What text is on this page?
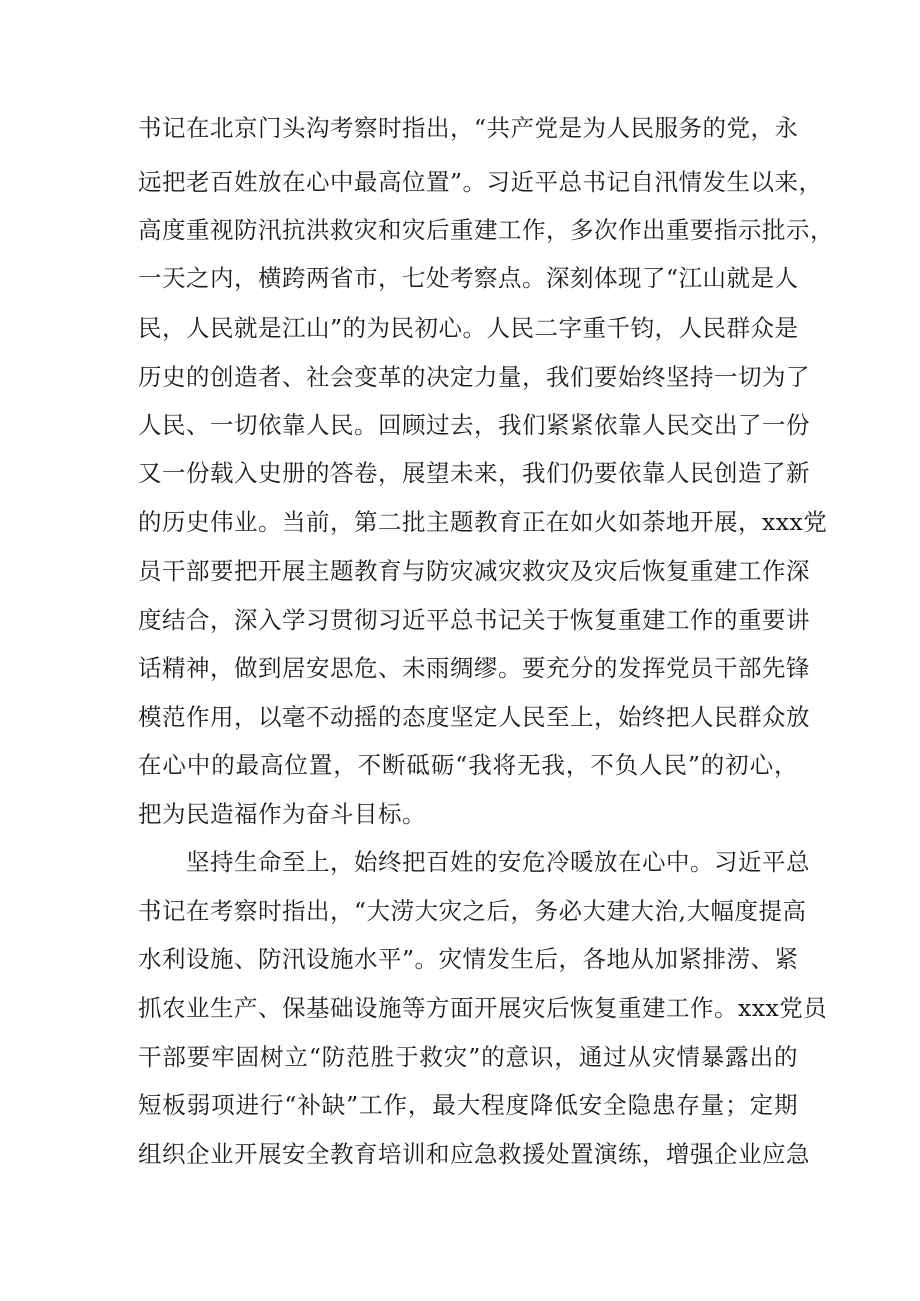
书记在北京门头沟考察时指出，“共产党是为人民服务的党，永
远把老百姓放在心中最高位置”。习近平总书记自汛情发生以来，
高度重视防汛抗洪救灾和灾后重建工作，多次作出重要指示批示，
一天之内，横跨两省市，七处考察点。深刻体现了“江山就是人
民，人民就是江山”的为民初心。人民二字重千钧，人民群众是
历史的创造者、社会变革的决定力量，我们要始终坚持一切为了
人民、一切依靠人民。回顾过去，我们紧紧依靠人民交出了一份
又一份载入史册的答卷，展望未来，我们仍要依靠人民创造了新
的历史伟业。当前，第二批主题教育正在如火如荼地开展，xxx党
员干部要把开展主题教育与防灾减灾救灾及灾后恢复重建工作深
度结合，深入学习贯彻习近平总书记关于恢复重建工作的重要讲
话精神，做到居安思危、未雨绸缪。要充分的发挥党员干部先锋
模范作用，以毫不动摇的态度坚定人民至上，始终把人民群众放
在心中的最高位置，不断砥砺“我将无我，不负人民”的初心，
把为民造福作为奋斗目标。
坚持生命至上，始终把百姓的安危冷暖放在心中。习近平总
书记在考察时指出，“大涝大灾之后，务必大建大治,大幅度提高
水利设施、防汛设施水平”。灾情发生后，各地从加紧排涝、紧
抓农业生产、保基础设施等方面开展灾后恢复重建工作。xxx党员
干部要牢固树立“防范胜于救灾”的意识，通过从灾情暴露出的
短板弱项进行“补缺”工作，最大程度降低安全隐患存量；定期
组织企业开展安全教育培训和应急救援处置演练，增强企业应急
